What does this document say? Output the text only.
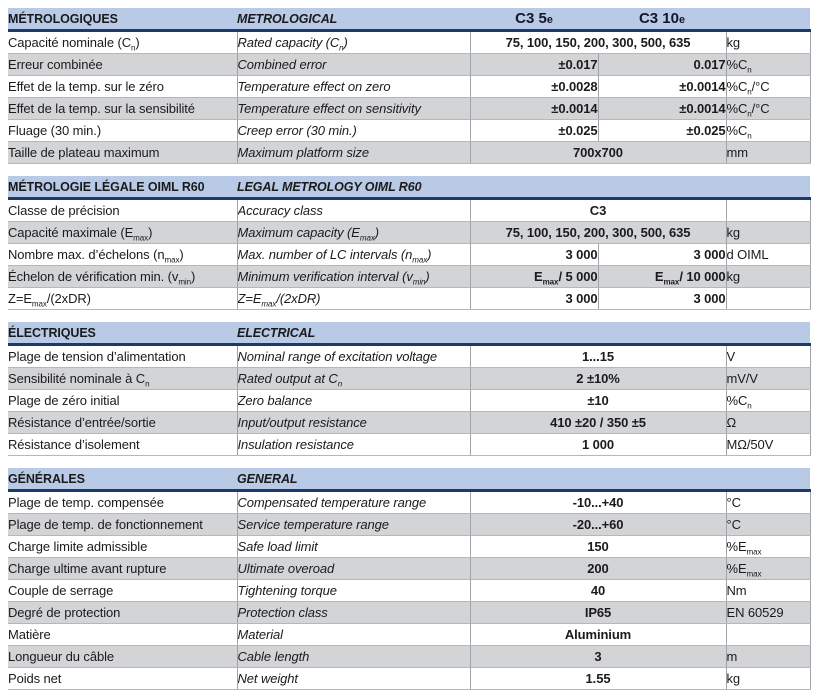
MÉTROLOGIQUES	METROLOGICAL	C3 5e	C3 10e	
Capacité nominale $(C_n)$	Rated capacity $(C_n)$	75, 100, 150, 200, 300, 500, 635		kg
Erreur combinée	Combined error	±0.017	0.017	$\%C_n$
Effet de la temp. sur le zéro	Temperature effect on zero	±0.0028	±0.0014	$\%C_n/^\circ C$
Effet de la temp. sur la sensibilité	Temperature effect on sensitivity	±0.0014	±0.0014	$\%C_n/^\circ C$
Fluage (30 min.)	Creep error (30 min.)	±0.025	±0.025	$\%C_n$
Taille de plateau maximum	Maximum platform size	700x700		mm
MÉTROLOGIE LÉGALE OIML R60	LEGAL METROLOGY OIML R60			
Classe de précision	Accuracy class	C3		
Capacité maximale $(E_{max})$	Maximum capacity $(E_{max})$	75, 100, 150, 200, 300, 500, 635		kg
Nombre max. d’échelons $(n_{max})$	Max. number of LC intervals $(n_{max})$	3 000	3 000	d OIML
Échelon de vérification min. $(v_{min})$	Minimum verification interval $(v_{min})$	$E_{max}/$ 5 000	$E_{max}/$ 10 000	kg
$Z=E_{max}/(2xDR)$	$Z=E_{max}/(2xDR)$	3 000	3 000	
ÉLECTRIQUES	ELECTRICAL		
Plage de tension d’alimentation	Nominal range of excitation voltage	1...15	V
Sensibilité nominale à $C_n$	Rated output at $C_n$	2 ±10%	mV/V
Plage de zéro initial	Zero balance	±10	$\%C_n$
Résistance d’entrée/sortie	Input/output resistance	410 ±20 / 350 ±5	Ω
Résistance d’isolement	Insulation resistance	1 000	MΩ/50V
GÉNÉRALES	GENERAL		
Plage de temp. compensée	Compensated temperature range	-10...+40	°C
Plage de temp. de fonctionnement	Service temperature range	-20...+60	°C
Charge limite admissible	Safe load limit	150	$\%E_{max}$
Charge ultime avant rupture	Ultimate overoad	200	$\%E_{max}$
Couple de serrage	Tightening torque	40	Nm
Degré de protection	Protection class	IP65	EN 60529
Matière	Material	Aluminium	
Longueur du câble	Cable length	3	m
Poids net	Net weight	1.55	kg
